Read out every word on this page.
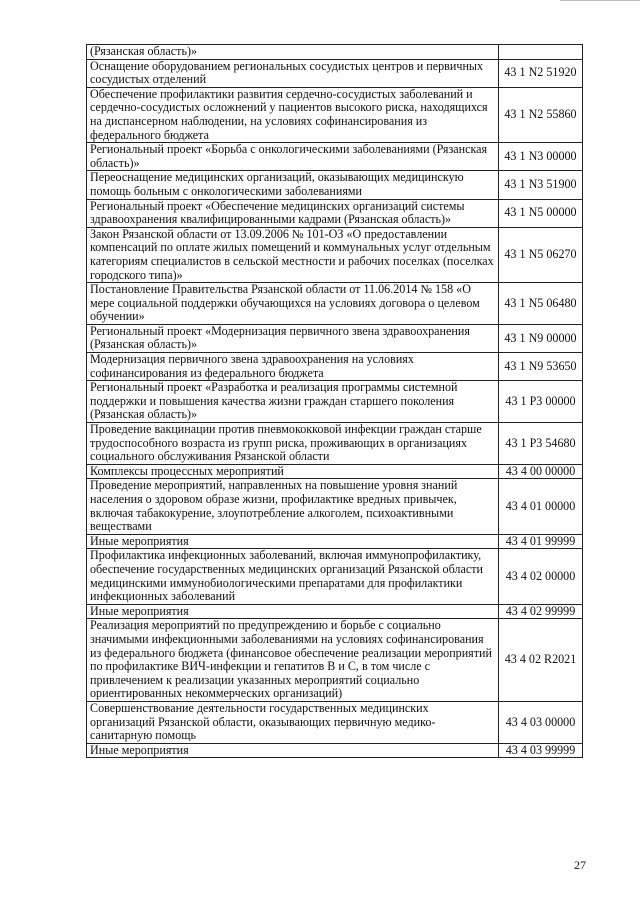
(Рязанская область)»	
Оснащение оборудованием региональных сосудистых центров и первичных сосудистых отделений	43 1 N2 51920
Обеспечение профилактики развития сердечно-сосудистых заболеваний и сердечно-сосудистых осложнений у пациентов высокого риска, находящихся на диспансерном наблюдении, на условиях софинансирования из федерального бюджета	43 1 N2 55860
Региональный проект «Борьба с онкологическими заболеваниями (Рязанская область)»	43 1 N3 00000
Переоснащение медицинских организаций, оказывающих медицинскую помощь больным с онкологическими заболеваниями	43 1 N3 51900
Региональный проект «Обеспечение медицинских организаций системы здравоохранения квалифицированными кадрами (Рязанская область)»	43 1 N5 00000
Закон Рязанской области от 13.09.2006 № 101-ОЗ «О предоставлении компенсаций по оплате жилых помещений и коммунальных услуг отдельным категориям специалистов в сельской местности и рабочих поселках (поселках городского типа)»	43 1 N5 06270
Постановление Правительства Рязанской области от 11.06.2014 № 158 «О мере социальной поддержки обучающихся на условиях договора о целевом обучении»	43 1 N5 06480
Региональный проект «Модернизация первичного звена здравоохранения (Рязанская область)»	43 1 N9 00000
Модернизация первичного звена здравоохранения на условиях софинансирования из федерального бюджета	43 1 N9 53650
Региональный проект «Разработка и реализация программы системной поддержки и повышения качества жизни граждан старшего поколения (Рязанская область)»	43 1 P3 00000
Проведение вакцинации против пневмококковой инфекции граждан старше трудоспособного возраста из групп риска, проживающих в организациях социального обслуживания Рязанской области	43 1 P3 54680
Комплексы процессных мероприятий	43 4 00 00000
Проведение мероприятий, направленных на повышение уровня знаний населения о здоровом образе жизни, профилактике вредных привычек, включая табакокурение, злоупотребление алкоголем, психоактивными веществами	43 4 01 00000
Иные мероприятия	43 4 01 99999
Профилактика инфекционных заболеваний, включая иммунопрофилактику, обеспечение государственных медицинских организаций Рязанской области медицинскими иммунобиологическими препаратами для профилактики инфекционных заболеваний	43 4 02 00000
Иные мероприятия	43 4 02 99999
Реализация мероприятий по предупреждению и борьбе с социально значимыми инфекционными заболеваниями на условиях софинансирования из федерального бюджета (финансовое обеспечение реализации мероприятий по профилактике ВИЧ-инфекции и гепатитов B и C, в том числе с привлечением к реализации указанных мероприятий социально ориентированных некоммерческих организаций)	43 4 02 R2021
Совершенствование деятельности государственных медицинских организаций Рязанской области, оказывающих первичную медико-санитарную помощь	43 4 03 00000
Иные мероприятия	43 4 03 99999
27
